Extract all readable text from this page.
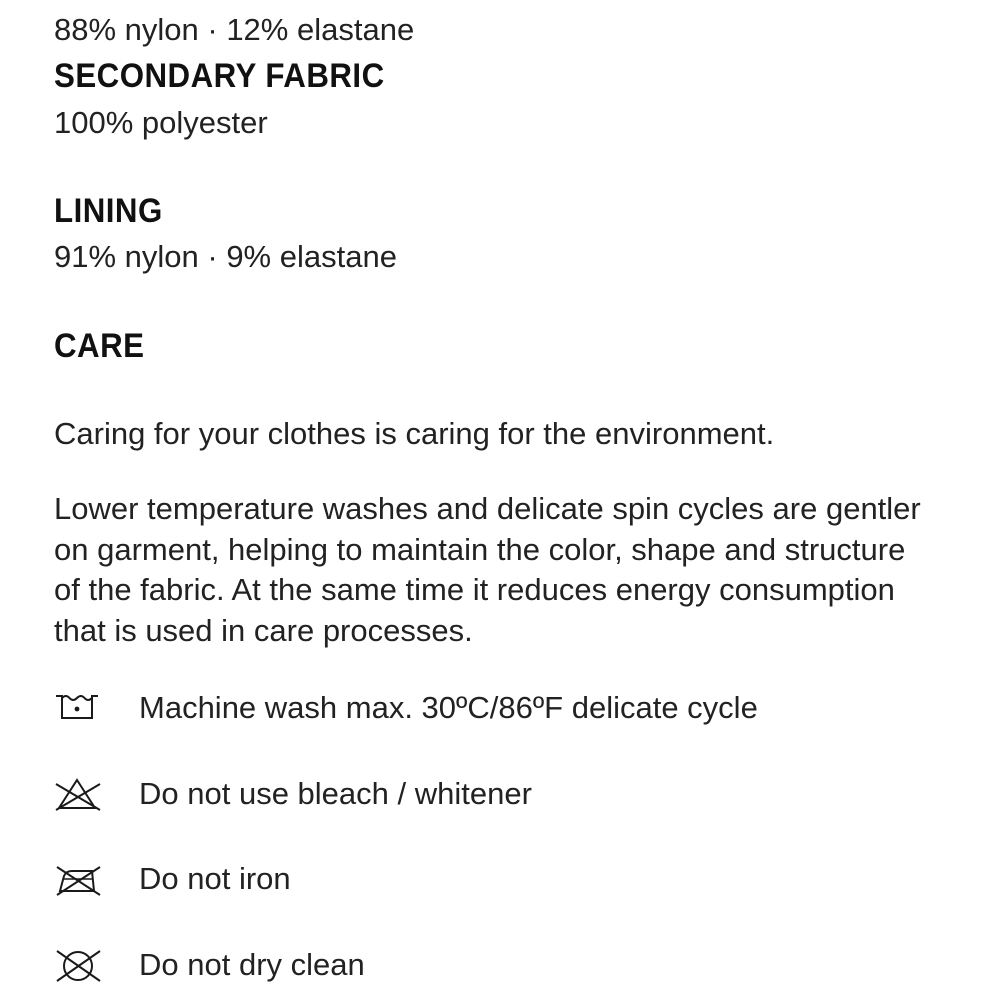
88% nylon · 12% elastane

SECONDARY FABRIC

100% polyester

LINING

91% nylon · 9% elastane

CARE

Caring for your clothes is caring for the environment.

Lower temperature washes and delicate spin cycles are gentler on garment, helping to maintain the color, shape and structure of the fabric. At the same time it reduces energy consumption that is used in care processes.

Machine wash max. 30ºC/86ºF delicate cycle
Do not use bleach / whitener
Do not iron
Do not dry clean
